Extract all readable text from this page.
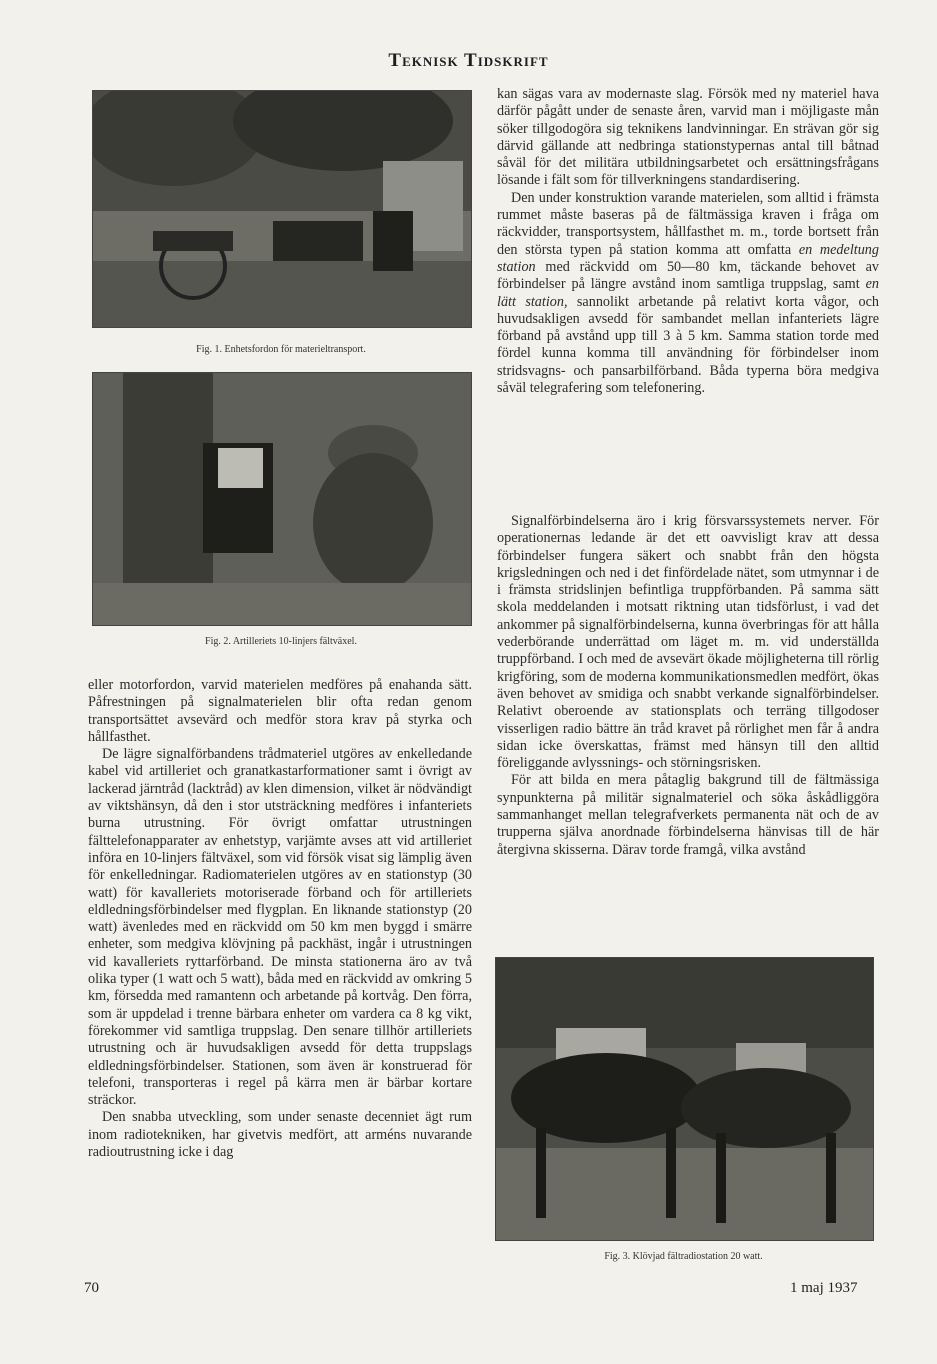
Teknisk Tidskrift
Fig. 1. Enhetsfordon för materieltransport.
Fig. 2. Artilleriets 10-linjers fältväxel.
Fig. 3. Klövjad fältradiostation 20 watt.

eller motorfordon, varvid materielen medföres på enahanda sätt. Påfrestningen på signalmaterielen blir ofta redan genom transportsättet avsevärd och medför stora krav på styrka och hållfasthet.

De lägre signalförbandens trådmateriel utgöres av enkelledande kabel vid artilleriet och granatkastarformationer samt i övrigt av lackerad järntråd (lacktråd) av klen dimension, vilket är nödvändigt av viktshänsyn, då den i stor utsträckning medföres i infanteriets burna utrustning. För övrigt omfattar utrustningen fälttelefonapparater av enhetstyp, varjämte avses att vid artilleriet införa en 10-linjers fältväxel, som vid försök visat sig lämplig även för enkelledningar. Radiomaterielen utgöres av en stationstyp (30 watt) för kavalleriets motoriserade förband och för artilleriets eldledningsförbindelser med flygplan. En liknande stationstyp (20 watt) ävenledes med en räckvidd om 50 km men byggd i smärre enheter, som medgiva klövjning på packhäst, ingår i utrustningen vid kavalleriets ryttarförband. De minsta stationerna äro av två olika typer (1 watt och 5 watt), båda med en räckvidd av omkring 5 km, försedda med ramantenn och arbetande på kortvåg. Den förra, som är uppdelad i trenne bärbara enheter om vardera ca 8 kg vikt, förekommer vid samtliga truppslag. Den senare tillhör artilleriets utrustning och är huvudsakligen avsedd för detta truppslags eldledningsförbindelser. Stationen, som även är konstruerad för telefoni, transporteras i regel på kärra men är bärbar kortare sträckor.

Den snabba utveckling, som under senaste decenniet ägt rum inom radiotekniken, har givetvis medfört, att arméns nuvarande radioutrustning icke i dag

kan sägas vara av modernaste slag. Försök med ny materiel hava därför pågått under de senaste åren, varvid man i möjligaste mån söker tillgodogöra sig teknikens landvinningar. En strävan gör sig därvid gällande att nedbringa stationstypernas antal till båtnad såväl för det militära utbildningsarbetet och ersättningsfrågans lösande i fält som för tillverkningens standardisering.

Den under konstruktion varande materielen, som alltid i främsta rummet måste baseras på de fältmässiga kraven i fråga om räckvidder, transportsystem, hållfasthet m. m., torde bortsett från den största typen på station komma att omfatta en medeltung station med räckvidd om 50—80 km, täckande behovet av förbindelser på längre avstånd inom samtliga truppslag, samt en lätt station, sannolikt arbetande på relativt korta vågor, och huvudsakligen avsedd för sambandet mellan infanteriets lägre förband på avstånd upp till 3 à 5 km. Samma station torde med fördel kunna komma till användning för förbindelser inom stridsvagns- och pansarbilförband. Båda typerna böra medgiva såväl telegrafering som telefonering.

Signalförbindelserna äro i krig försvarssystemets nerver. För operationernas ledande är det ett oavvisligt krav att dessa förbindelser fungera säkert och snabbt från den högsta krigsledningen och ned i det finfördelade nätet, som utmynnar i de i främsta stridslinjen befintliga truppförbanden. På samma sätt skola meddelanden i motsatt riktning utan tidsförlust, i vad det ankommer på signalförbindelserna, kunna överbringas för att hålla vederbörande underrättad om läget m. m. vid underställda truppförband. I och med de avsevärt ökade möjligheterna till rörlig krigföring, som de moderna kommunikationsmedlen medfört, ökas även behovet av smidiga och snabbt verkande signalförbindelser. Relativt oberoende av stationsplats och terräng tillgodoser visserligen radio bättre än tråd kravet på rörlighet men får å andra sidan icke överskattas, främst med hänsyn till den alltid föreliggande avlyssnings- och störningsrisken.

För att bilda en mera påtaglig bakgrund till de fältmässiga synpunkterna på militär signalmateriel och söka åskådliggöra sammanhanget mellan telegrafverkets permanenta nät och de av trupperna själva anordnade förbindelserna hänvisas till de här återgivna skisserna. Därav torde framgå, vilka avstånd

70	1 maj 1937
